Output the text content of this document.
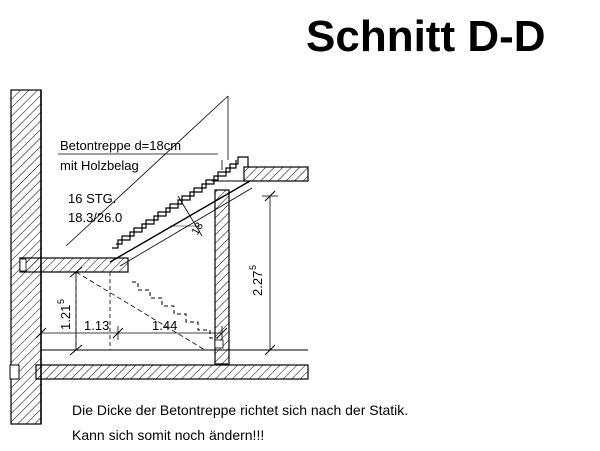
Schnitt D-D
Betontreppe d=18cm
mit Holzbelag
16 STG.
18.3/26.0
18
2.27
5
1.21
5
1.13	1.44
Die Dicke der Betontreppe richtet sich nach der Statik.
Kann sich somit noch ändern!!!
